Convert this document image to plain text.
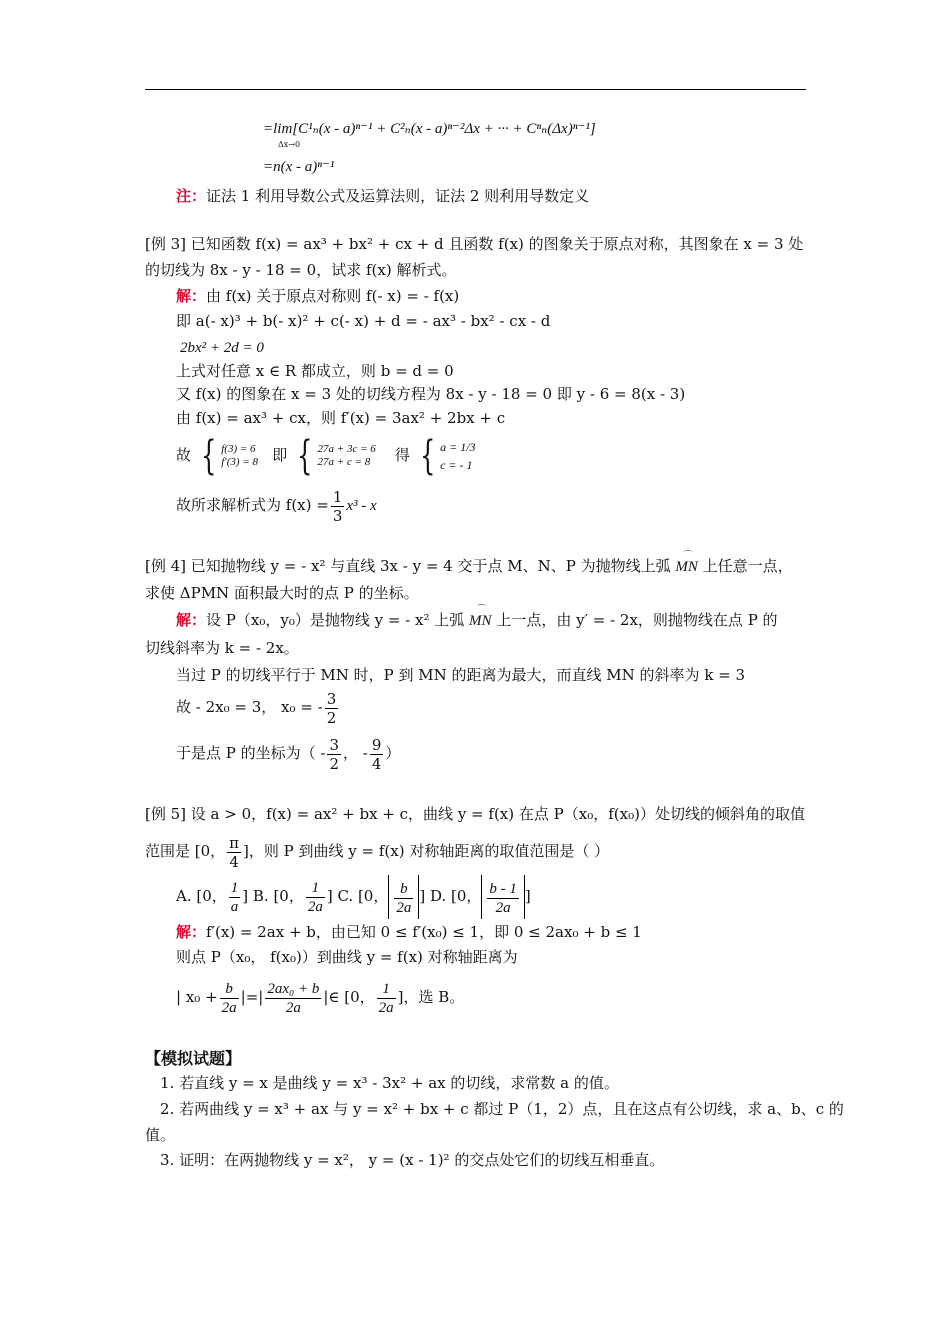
=lim[C¹ₙ(x - a)ⁿ⁻¹ + C²ₙ(x - a)ⁿ⁻²Δx + ··· + Cⁿₙ(Δx)ⁿ⁻¹]
Δx→0
=n(x - a)ⁿ⁻¹
注：证法 1 利用导数公式及运算法则，证法 2 则利用导数定义
[例 3] 已知函数 f(x) = ax³ + bx² + cx + d 且函数 f(x) 的图象关于原点对称，其图象在 x = 3 处
的切线为 8x - y - 18 = 0，试求 f(x) 解析式。
解：由 f(x) 关于原点对称则 f(- x) = - f(x)
即 a(- x)³ + b(- x)² + c(- x) + d = - ax³ - bx² - cx - d
2bx² + 2d = 0
上式对任意 x ∈ R 都成立，则 b = d = 0
又 f(x) 的图象在 x = 3 处的切线方程为 8x - y - 18 = 0 即 y - 6 = 8(x - 3)
由 f(x) = ax³ + cx，则 f′(x) = 3ax² + 2bx + c
故 { f(3) = 6
f′(3) = 8 即 { 27a + 3c = 6
27a + c = 8 得 { a = 1/3
c = - 1
故所求解析式为 $f(x) = \frac{1}{3} x^3 - x$
[例 4] 已知抛物线 y = - x² 与直线 3x - y = 4 交于点 M、N、P 为抛物线上弧 ⌒ MN 上任意一点，
求使 ΔPMN 面积最大时的点 P 的坐标。
解：设 P（x₀，y₀）是抛物线 y = - x² 上弧 ⌒ MN 上一点，由 y′ = - 2x，则抛物线在点 P 的
切线斜率为 k = - 2x。
当过 P 的切线平行于 MN 时，P 到 MN 的距离为最大，而直线 MN 的斜率为 k = 3
故 - 2x₀ = 3， x₀ = - $\frac{3}{2}$
于是点 P 的坐标为（ - $\frac{3}{2}$ ， - $\frac{9}{4}$ ）
[例 5] 设 a > 0，f(x) = ax² + bx + c，曲线 y = f(x) 在点 P（x₀，f(x₀)）处切线的倾斜角的取值
范围是 [0， $\frac{\pi}{4}$ ]，则 P 到曲线 y = f(x) 对称轴距离的取值范围是（ ）
A. [0， $\frac{1}{a}$ ] B. [0， $\frac{1}{2a}$ ] C. [0， $\frac{b}{2a}$ ] D. [0， $\frac{b - 1}{2a}$ ]
解：f′(x) = 2ax + b，由已知 0 ≤ f′(x₀) ≤ 1，即 0 ≤ 2ax₀ + b ≤ 1
则点 P（x₀， f(x₀)）到曲线 y = f(x) 对称轴距离为
| $x_0 + \frac{b}{2a}$ |=| $\frac{\text{2ax₀ + b}}{2a}$ |∈ [0， $\frac{1}{2a}$ ]，选 B。
【模拟试题】
1. 若直线 y = x 是曲线 y = x³ - 3x² + ax 的切线，求常数 a 的值。
2. 若两曲线 y = x³ + ax 与 y = x² + bx + c 都过 P（1，2）点，且在这点有公切线，求 a、b、c 的
值。
3. 证明：在两抛物线 y = x²， y = (x - 1)² 的交点处它们的切线互相垂直。
